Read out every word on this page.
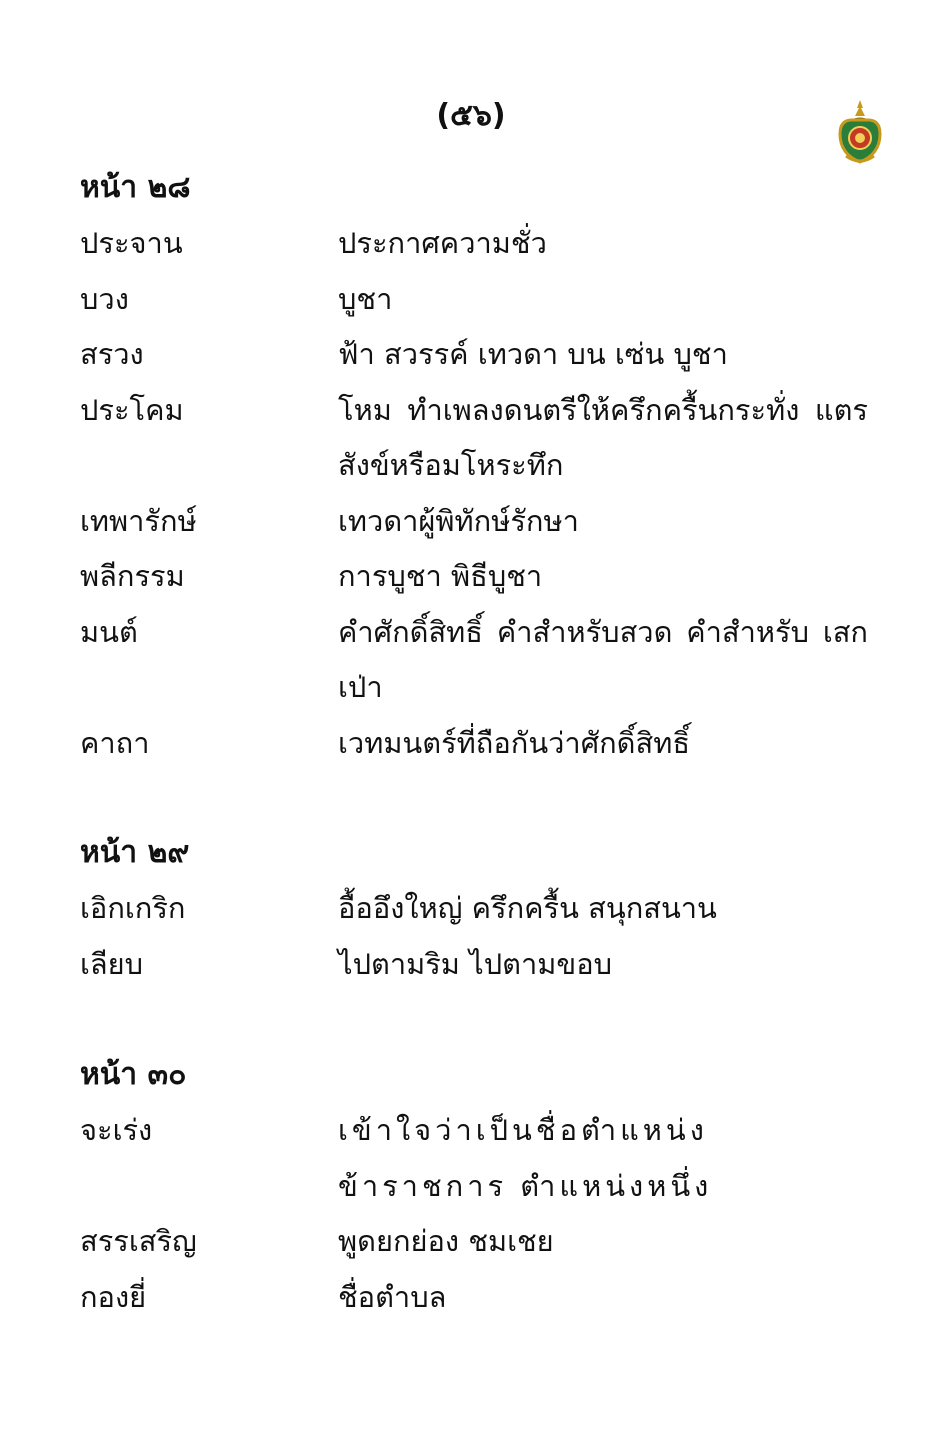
(๕๖)
หน้า ๒๘
ประจาน	ประกาศความชั่ว
บวง	บูชา
สรวง	ฟ้า สวรรค์ เทวดา บน เซ่น บูชา
ประโคม	โหม ทำเพลงดนตรีให้ครึกครื้นกระทั่ง แตรสังข์หรือมโหระทึก
เทพารักษ์	เทวดาผู้พิทักษ์รักษา
พลีกรรม	การบูชา พิธีบูชา
มนต์	คำศักดิ์สิทธิ์ คำสำหรับสวด คำสำหรับ เสกเป่า
คาถา	เวทมนตร์ที่ถือกันว่าศักดิ์สิทธิ์
หน้า ๒๙
เอิกเกริก	อื้ออึงใหญ่ ครึกครื้น สนุกสนาน
เลียบ	ไปตามริม ไปตามขอบ
หน้า ๓๐
จะเร่ง	เข้าใจว่าเป็นชื่อตำแหน่งข้าราชการ ตำแหน่งหนึ่ง
สรรเสริญ	พูดยกย่อง ชมเชย
กองยี่	ชื่อตำบล
